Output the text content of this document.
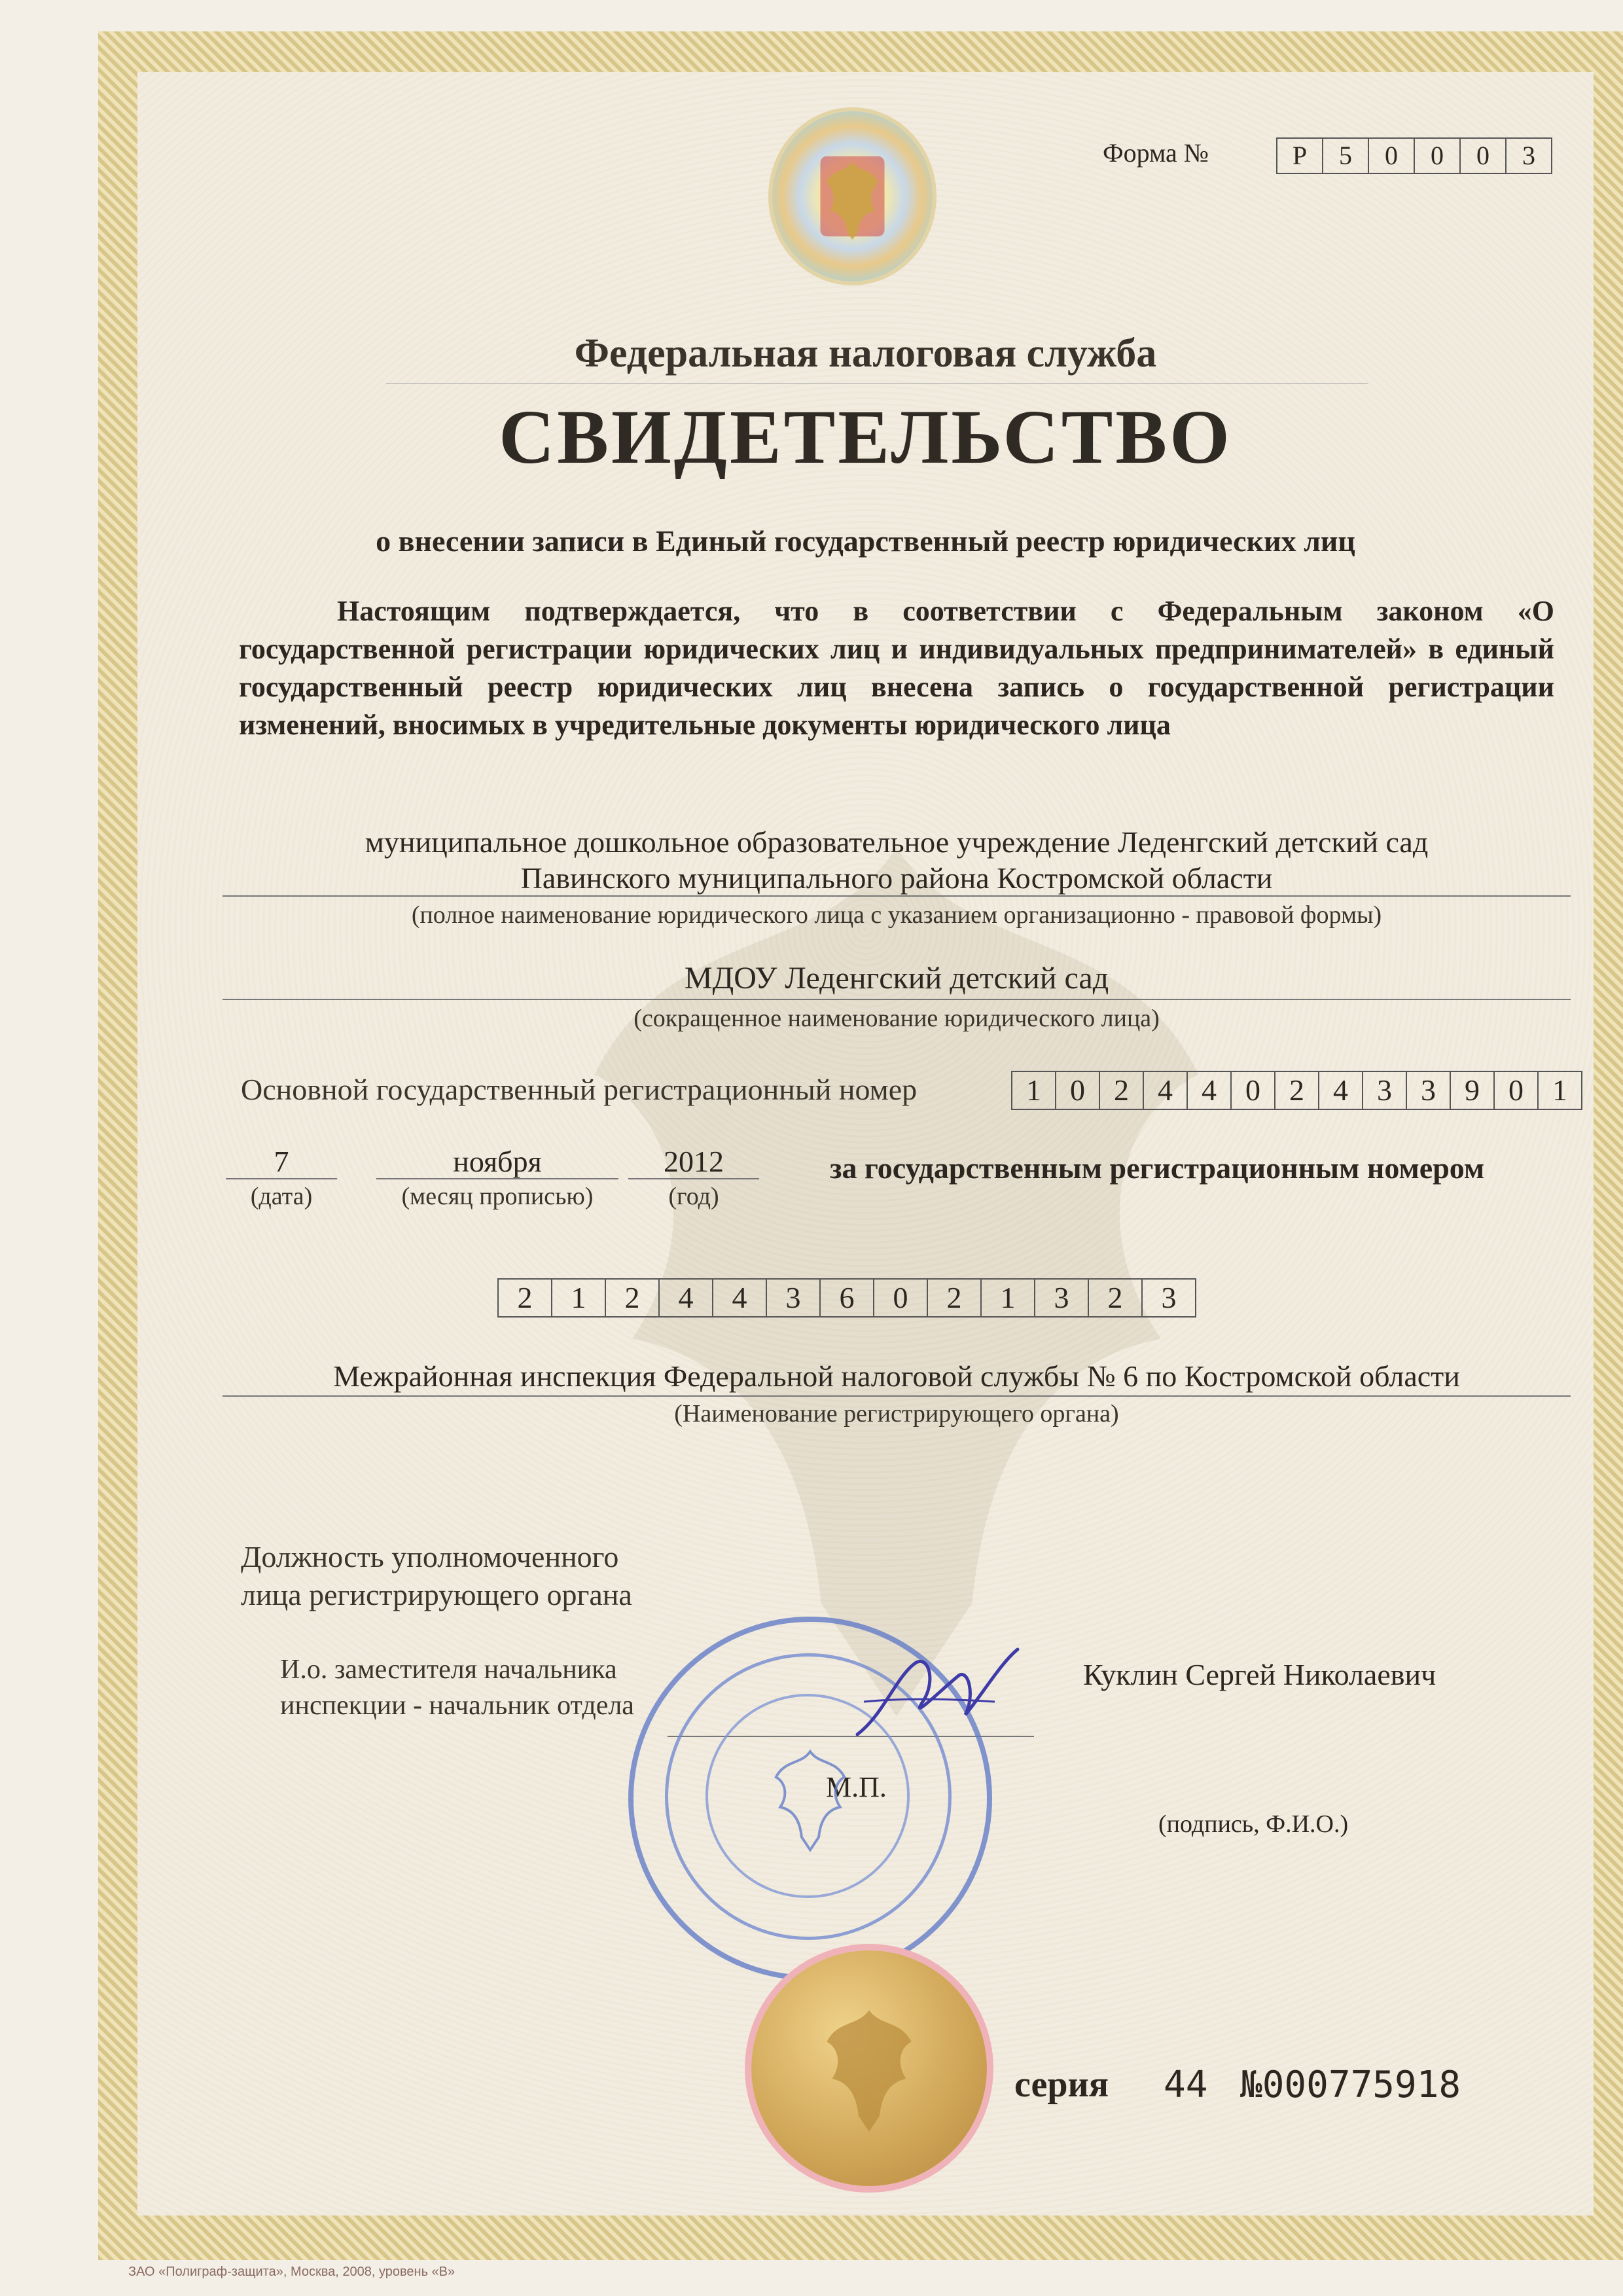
Форма №	Р	5	0	0	0	3
Федеральная налоговая служба
СВИДЕТЕЛЬСТВО
о внесении записи в Единый государственный реестр юридических лиц
Настоящим подтверждается, что в соответствии с Федеральным законом «О государственной регистрации юридических лиц и индивидуальных предпринимателей» в единый государственный реестр юридических лиц внесена запись о государственной регистрации изменений, вносимых в учредительные документы юридического лица
муниципальное дошкольное образовательное учреждение Леденгский детский сад
Павинского муниципального района Костромской области
(полное наименование юридического лица с указанием организационно - правовой формы)
МДОУ Леденгский детский сад
(сокращенное наименование юридического лица)
Основной государственный регистрационный номер	1 0 2 4 4 0 2 4 3 3 9 0 1
7
(дата)
ноября
(месяц прописью)
2012
(год)
за государственным регистрационным номером
2	1	2	4	4	3	6	0	2	1	3	2	3
Межрайонная инспекция Федеральной налоговой службы № 6 по Костромской области
(Наименование регистрирующего органа)
Должность уполномоченного
лица регистрирующего органа
И.о. заместителя начальника
инспекции - начальник отдела
Куклин Сергей Николаевич
М.П.
(подпись, Ф.И.О.)
серия 44 №000775918
ЗАО «Полиграф-защита», Москва, 2008, уровень «В»
